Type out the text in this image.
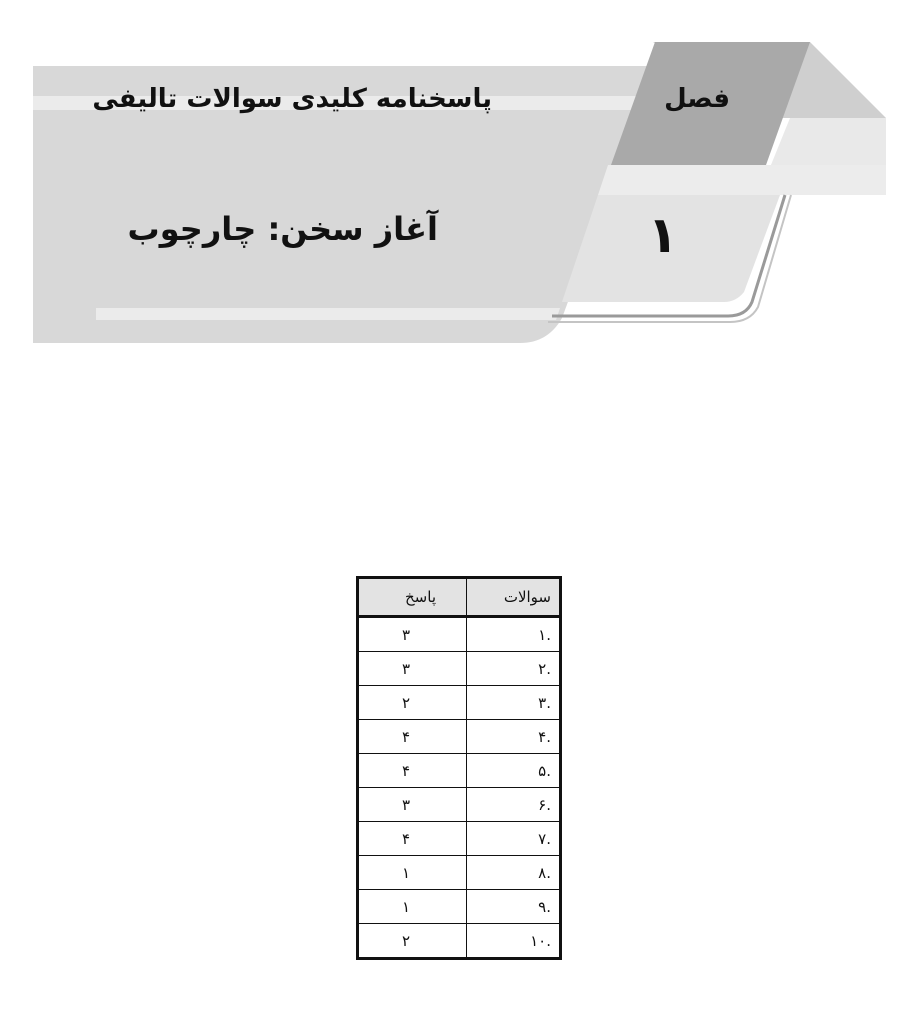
پاسخنامه کلیدی سوالات تالیفی
آغاز سخن: چارچوب
فصل
۱
سوالات	پاسخ
.۱	۳
.۲	۳
.۳	۲
.۴	۴
.۵	۴
.۶	۳
.۷	۴
.۸	۱
.۹	۱
.۱۰	۲
